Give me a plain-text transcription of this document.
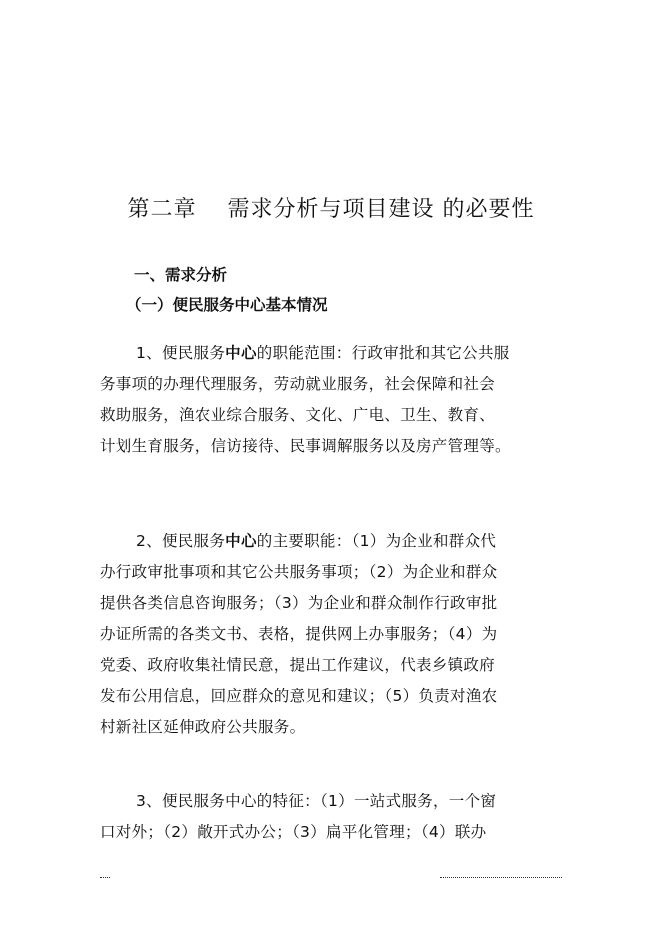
第二章　 需求分析与项目建设 的必要性

一、需求分析

（一）便民服务中心基本情况

1、便民服务中心的职能范围：行政审批和其它公共服
务事项的办理代理服务，劳动就业服务，社会保障和社会
救助服务，渔农业综合服务、文化、广电、卫生、教育、
计划生育服务，信访接待、民事调解服务以及房产管理等。
2、便民服务中心的主要职能：（1）为企业和群众代
办行政审批事项和其它公共服务事项；（2）为企业和群众
提供各类信息咨询服务；（3）为企业和群众制作行政审批
办证所需的各类文书、表格，提供网上办事服务；（4）为
党委、政府收集社情民意，提出工作建议，代表乡镇政府
发布公用信息，回应群众的意见和建议；（5）负责对渔农
村新社区延伸政府公共服务。
3、便民服务中心的特征：（1）一站式服务，一个窗
口对外；（2）敞开式办公；（3）扁平化管理；（4）联办
